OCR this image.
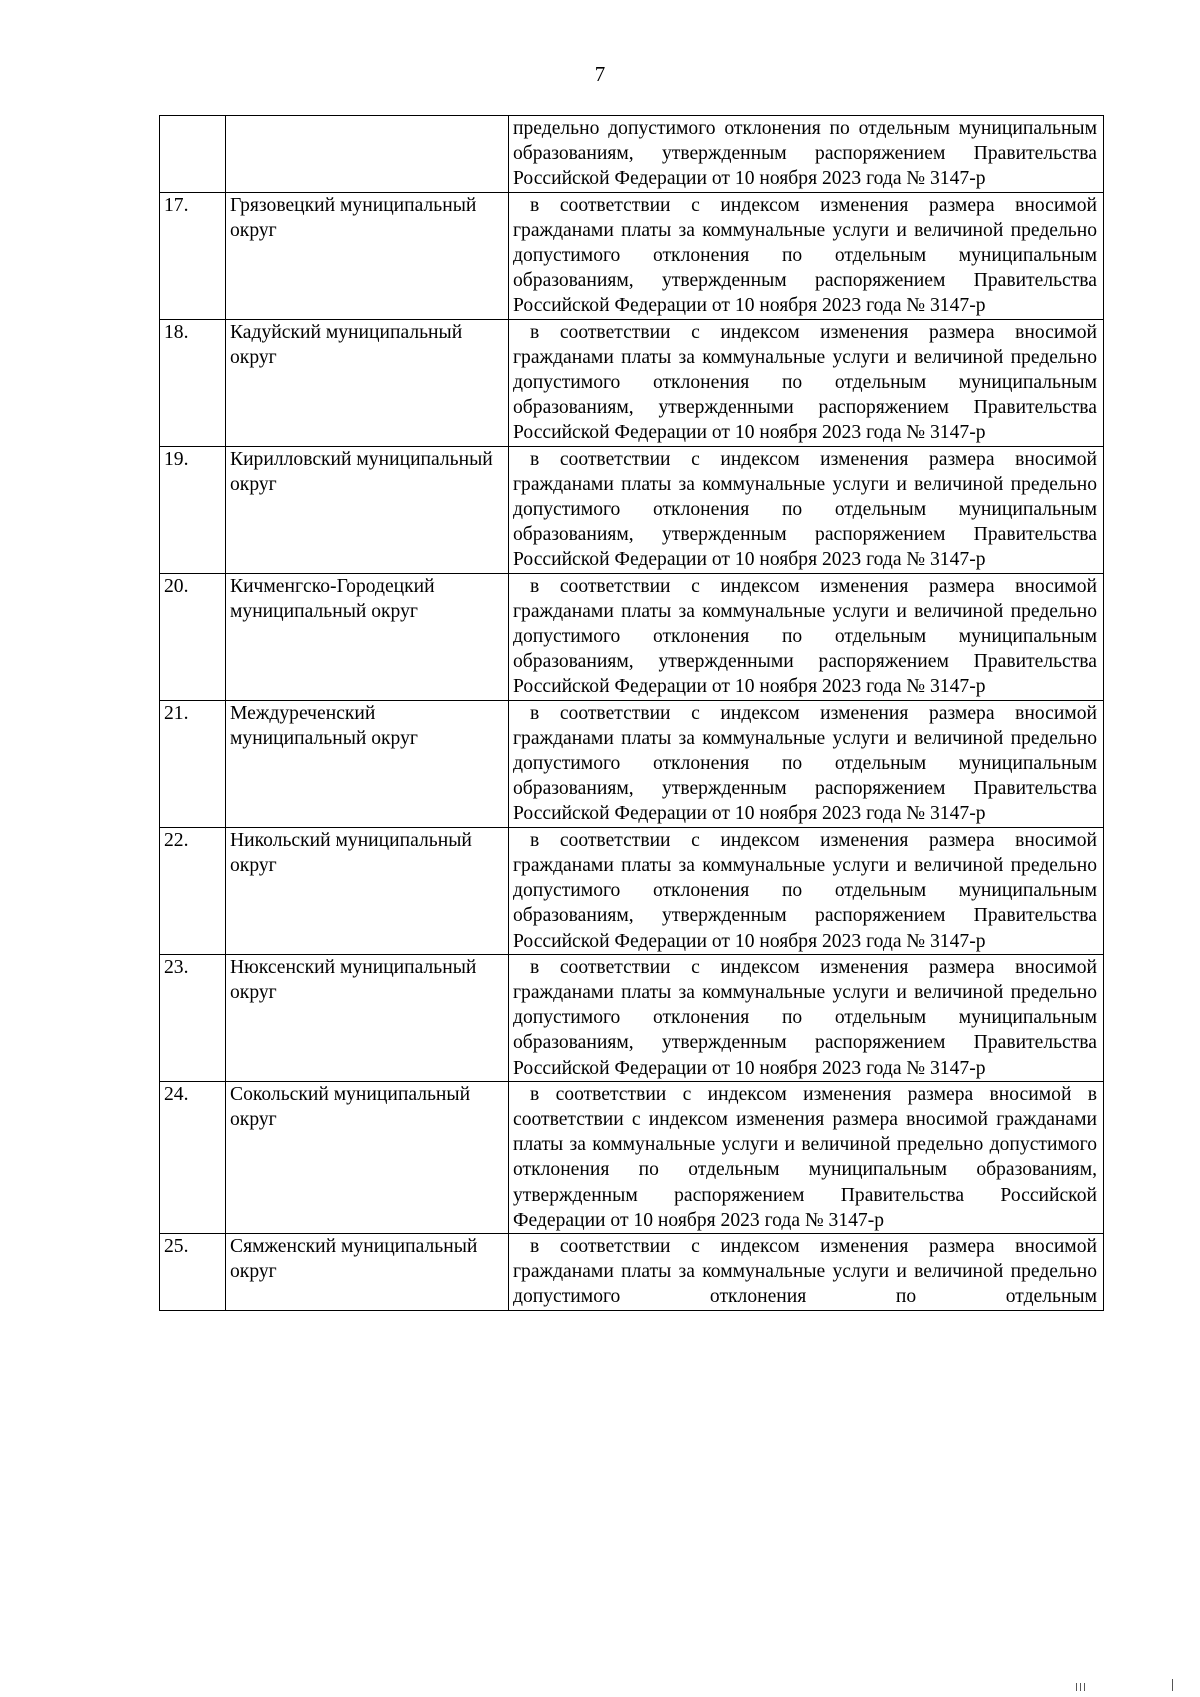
7
		предельно допустимого отклонения по отдельным муниципальным образованиям, утвержденным распоряжением Правительства Российской Федерации от 10 ноября 2023 года № 3147-р
17.	Грязовецкий муниципальный округ	в соответствии с индексом изменения размера вносимой гражданами платы за коммунальные услуги и величиной предельно допустимого отклонения по отдельным муниципальным образованиям, утвержденным распоряжением Правительства Российской Федерации от 10 ноября 2023 года № 3147-р
18.	Кадуйский муниципальный округ	в соответствии с индексом изменения размера вносимой гражданами платы за коммунальные услуги и величиной предельно допустимого отклонения по отдельным муниципальным образованиям, утвержденными распоряжением Правительства Российской Федерации от 10 ноября 2023 года № 3147-р
19.	Кирилловский муниципальный округ	в соответствии с индексом изменения размера вносимой гражданами платы за коммунальные услуги и величиной предельно допустимого отклонения по отдельным муниципальным образованиям, утвержденным распоряжением Правительства Российской Федерации от 10 ноября 2023 года № 3147-р
20.	Кичменгско-Городецкий муниципальный округ	в соответствии с индексом изменения размера вносимой гражданами платы за коммунальные услуги и величиной предельно допустимого отклонения по отдельным муниципальным образованиям, утвержденными распоряжением Правительства Российской Федерации от 10 ноября 2023 года № 3147-р
21.	Междуреченский муниципальный округ	в соответствии с индексом изменения размера вносимой гражданами платы за коммунальные услуги и величиной предельно допустимого отклонения по отдельным муниципальным образованиям, утвержденным распоряжением Правительства Российской Федерации от 10 ноября 2023 года № 3147-р
22.	Никольский муниципальный округ	в соответствии с индексом изменения размера вносимой гражданами платы за коммунальные услуги и величиной предельно допустимого отклонения по отдельным муниципальным образованиям, утвержденным распоряжением Правительства Российской Федерации от 10 ноября 2023 года № 3147-р
23.	Нюксенский муниципальный округ	в соответствии с индексом изменения размера вносимой гражданами платы за коммунальные услуги и величиной предельно допустимого отклонения по отдельным муниципальным образованиям, утвержденным распоряжением Правительства Российской Федерации от 10 ноября 2023 года № 3147-р
24.	Сокольский муниципальный округ	в соответствии с индексом изменения размера вносимой в соответствии с индексом изменения размера вносимой гражданами платы за коммунальные услуги и величиной предельно допустимого отклонения по отдельным муниципальным образованиям, утвержденным распоряжением Правительства Российской Федерации от 10 ноября 2023 года № 3147-р
25.	Сямженский муниципальный округ	в соответствии с индексом изменения размера вносимой гражданами платы за коммунальные услуги и величиной предельно допустимого отклонения по отдельным
